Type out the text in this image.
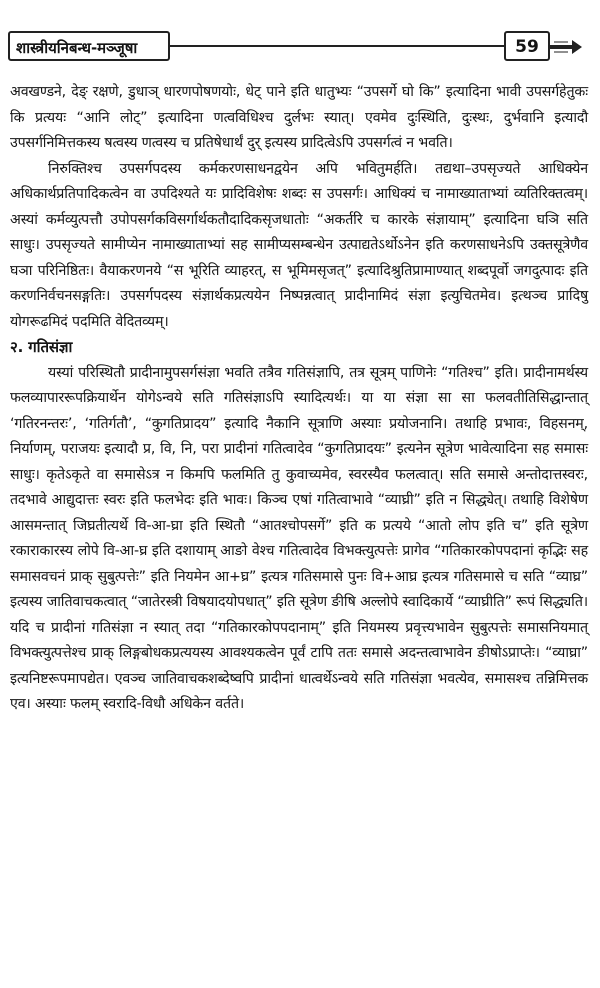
शास्त्रीयनिबन्ध-मञ्जूषा	59

अवखण्डने, देङ् रक्षणे, डुधाञ् धारणपोषणयोः, धेट् पाने इति धातुभ्यः “उपसर्गे घो कि” इत्यादिना भावी उपसर्गहेतुकः कि प्रत्ययः “आनि लोट्” इत्यादिना णत्वविधिश्च दुर्लभः स्यात्। एवमेव दुःस्थिति, दुःस्थः, दुर्भवानि इत्यादौ उपसर्गनिमित्तकस्य षत्वस्य णत्वस्य च प्रतिषेधार्थं दुर् इत्यस्य प्रादित्वेऽपि उपसर्गत्वं न भवति।

निरुक्तिश्च उपसर्गपदस्य कर्मकरणसाधनद्वयेन अपि भवितुमर्हति। तद्यथा–उपसृज्यते आधिक्येन अधिकार्थप्रतिपादिकत्वेन वा उपदिश्यते यः प्रादिविशेषः शब्दः स उपसर्गः। आधिक्यं च नामाख्याताभ्यां व्यतिरिक्तत्वम्। अस्यां कर्मव्युत्पत्तौ उपोपसर्गकविसर्गार्थकतौदादिकसृजधातोः “अकर्तरि च कारके संज्ञायाम्” इत्यादिना घञि सति साधुः। उपसृज्यते सामीप्येन नामाख्याताभ्यां सह सामीप्यसम्बन्धेन उत्पाद्यतेऽर्थोऽनेन इति करणसाधनेऽपि उक्तसूत्रेणैव घञा परिनिष्ठितः। वैयाकरणनये “स भूरिति व्याहरत्, स भूमिमसृजत्” इत्यादिश्रुतिप्रामाण्यात् शब्दपूर्वो जगदुत्पादः इति करणनिर्वचनसङ्गतिः। उपसर्गपदस्य संज्ञार्थकप्रत्ययेन निष्पन्नत्वात् प्रादीनामिदं संज्ञा इत्युचितमेव। इत्थञ्च प्रादिषु योगरूढमिदं पदमिति वेदितव्यम्।

२. गतिसंज्ञा

यस्यां परिस्थितौ प्रादीनामुपसर्गसंज्ञा भवति तत्रैव गतिसंज्ञापि, तत्र सूत्रम् पाणिनेः “गतिश्च” इति। प्रादीनामर्थस्य फलव्यापाररूपक्रियार्थेन योगेऽन्वये सति गतिसंज्ञाऽपि स्यादित्यर्थः। या या संज्ञा सा सा फलवतीतिसिद्धान्तात् ‘गतिरनन्तरः’, ‘गतिर्गतौ’, “कुगतिप्रादय” इत्यादि नैकानि सूत्राणि अस्याः प्रयोजनानि। तथाहि प्रभावः, विहसनम्, निर्याणम्, पराजयः इत्यादौ प्र, वि, नि, परा प्रादीनां गतित्वादेव “कुगतिप्रादयः” इत्यनेन सूत्रेण भावेत्यादिना सह समासः साधुः। कृतेऽकृते वा समासेऽत्र न किमपि फलमिति तु कुवाच्यमेव, स्वरस्यैव फलत्वात्। सति समासे अन्तोदात्तस्वरः, तदभावे आद्युदात्तः स्वरः इति फलभेदः इति भावः। किञ्च एषां गतित्वाभावे “व्याघ्री” इति न सिद्ध्येत्। तथाहि विशेषेण आसमन्तात् जिघ्रतीत्यर्थे वि-आ-घ्रा इति स्थितौ “आतश्चोपसर्गे” इति क प्रत्यये “आतो लोप इति च” इति सूत्रेण रकाराकारस्य लोपे वि-आ-घ्र इति दशायाम् आङो वेश्च गतित्वादेव विभक्त्युत्पत्तेः प्रागेव “गतिकारकोपपदानां कृद्भिः सह समासवचनं प्राक् सुबुत्पत्तेः” इति नियमेन आ+घ्र” इत्यत्र गतिसमासे पुनः वि+आघ्र इत्यत्र गतिसमासे च सति “व्याघ्र” इत्यस्य जातिवाचकत्वात् “जातेरस्त्री विषयादयोपधात्” इति सूत्रेण ङीषि अल्लोपे स्वादिकार्ये “व्याघ्रीति” रूपं सिद्ध्यति। यदि च प्रादीनां गतिसंज्ञा न स्यात् तदा “गतिकारकोपपदानाम्” इति नियमस्य प्रवृत्त्यभावेन सुबुत्पत्तेः समासनियमात् विभक्त्युत्पत्तेश्च प्राक् लिङ्गबोधकप्रत्ययस्य आवश्यकत्वेन पूर्वं टापि ततः समासे अदन्तत्वाभावेन ङीषोऽप्राप्तेः। “व्याघ्रा” इत्यनिष्टरूपमापद्येत। एवञ्च जातिवाचकशब्देष्वपि प्रादीनां धात्वर्थेऽन्वये सति गतिसंज्ञा भवत्येव, समासश्च तन्निमित्तक एव। अस्याः फलम् स्वरादि-विधौ अधिकेन वर्तते।
